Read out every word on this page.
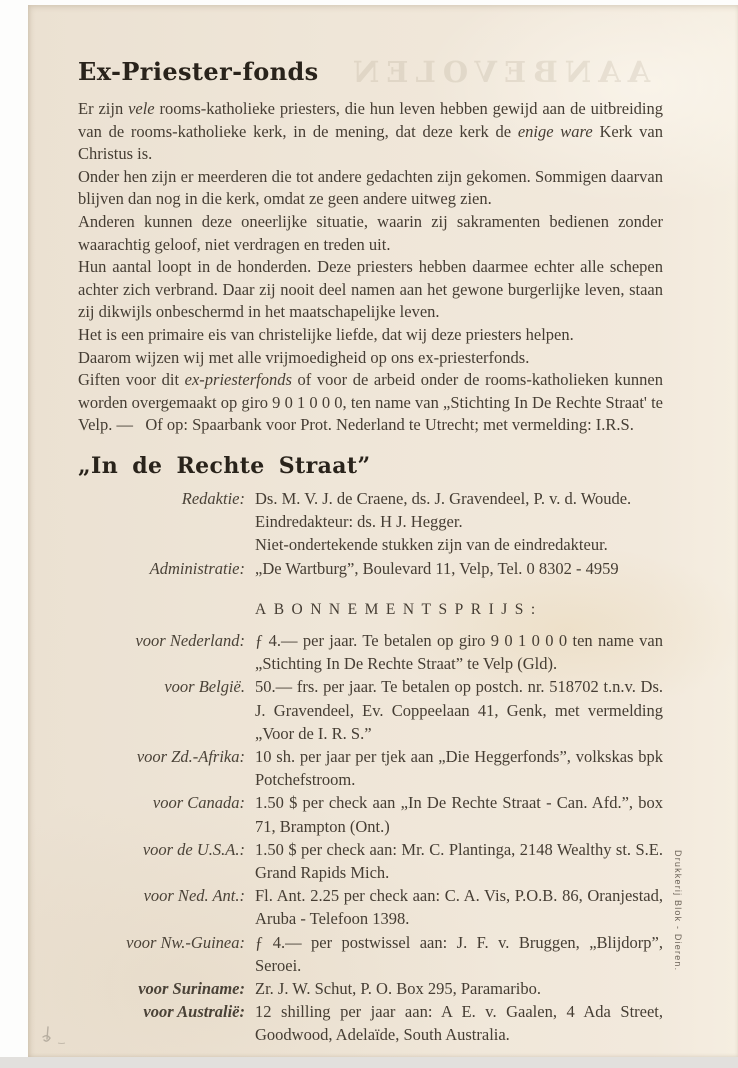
AANBEVOLEN
Ex-Priester-fonds

Er zijn vele rooms-katholieke priesters, die hun leven hebben gewijd aan de uitbreiding van de rooms-katholieke kerk, in de mening, dat deze kerk de enige ware Kerk van Christus is.

Onder hen zijn er meerderen die tot andere gedachten zijn gekomen. Sommigen daarvan blijven dan nog in die kerk, omdat ze geen andere uitweg zien.

Anderen kunnen deze oneerlijke situatie, waarin zij sakramenten bedienen zonder waarachtig geloof, niet verdragen en treden uit.

Hun aantal loopt in de honderden. Deze priesters hebben daarmee echter alle schepen achter zich verbrand. Daar zij nooit deel namen aan het gewone burgerlijke leven, staan zij dikwijls onbeschermd in het maatschapelijke leven.

Het is een primaire eis van christelijke liefde, dat wij deze priesters helpen.

Daarom wijzen wij met alle vrijmoedigheid op ons ex-priesterfonds.

Giften voor dit ex-priesterfonds of voor de arbeid onder de rooms-katholieken kunnen worden overgemaakt op giro 9 0 1 0 0 0, ten name van „Stichting In De Rechte Straat' te Velp. —   Of op: Spaarbank voor Prot. Nederland te Utrecht; met vermelding: I.R.S.

„In de Rechte Straat”
Redaktie: Ds. M. V. J. de Craene, ds. J. Gravendeel, P. v. d. Woude.
Eindredakteur: ds. H J. Hegger.
Niet-ondertekende stukken zijn van de eindredakteur.
Administratie: „De Wartburg”, Boulevard 11, Velp, Tel. 0 8302 - 4959
ABONNEMENTSPRIJS:
voor Nederland: ƒ 4.— per jaar. Te betalen op giro 9 0 1 0 0 0 ten name van „Stichting In De Rechte Straat” te Velp (Gld).
voor België. 50.— frs. per jaar. Te betalen op postch. nr. 518702 t.n.v. Ds. J. Gravendeel, Ev. Coppeelaan 41, Genk, met vermelding „Voor de I. R. S.”
voor Zd.-Afrika: 10 sh. per jaar per tjek aan „Die Heggerfonds”, volkskas bpk Potchefstroom.
voor Canada: 1.50 $ per check aan „In De Rechte Straat - Can. Afd.”, box 71, Brampton (Ont.)
voor de U.S.A.: 1.50 $ per check aan: Mr. C. Plantinga, 2148 Wealthy st. S.E. Grand Rapids Mich.
voor Ned. Ant.: Fl. Ant. 2.25 per check aan: C. A. Vis, P.O.B. 86, Oranjestad, Aruba - Telefoon 1398.
voor Nw.-Guinea: ƒ 4.— per postwissel aan: J. F. v. Bruggen, „Blijdorp”, Seroei.
voor Suriname: Zr. J. W. Schut, P. O. Box 295, Paramaribo.
voor Australië: 12 shilling per jaar aan: A E. v. Gaalen, 4 Ada Street, Goodwood, Adelaïde, South Australia.
Drukkerij Blok - Dieren.
